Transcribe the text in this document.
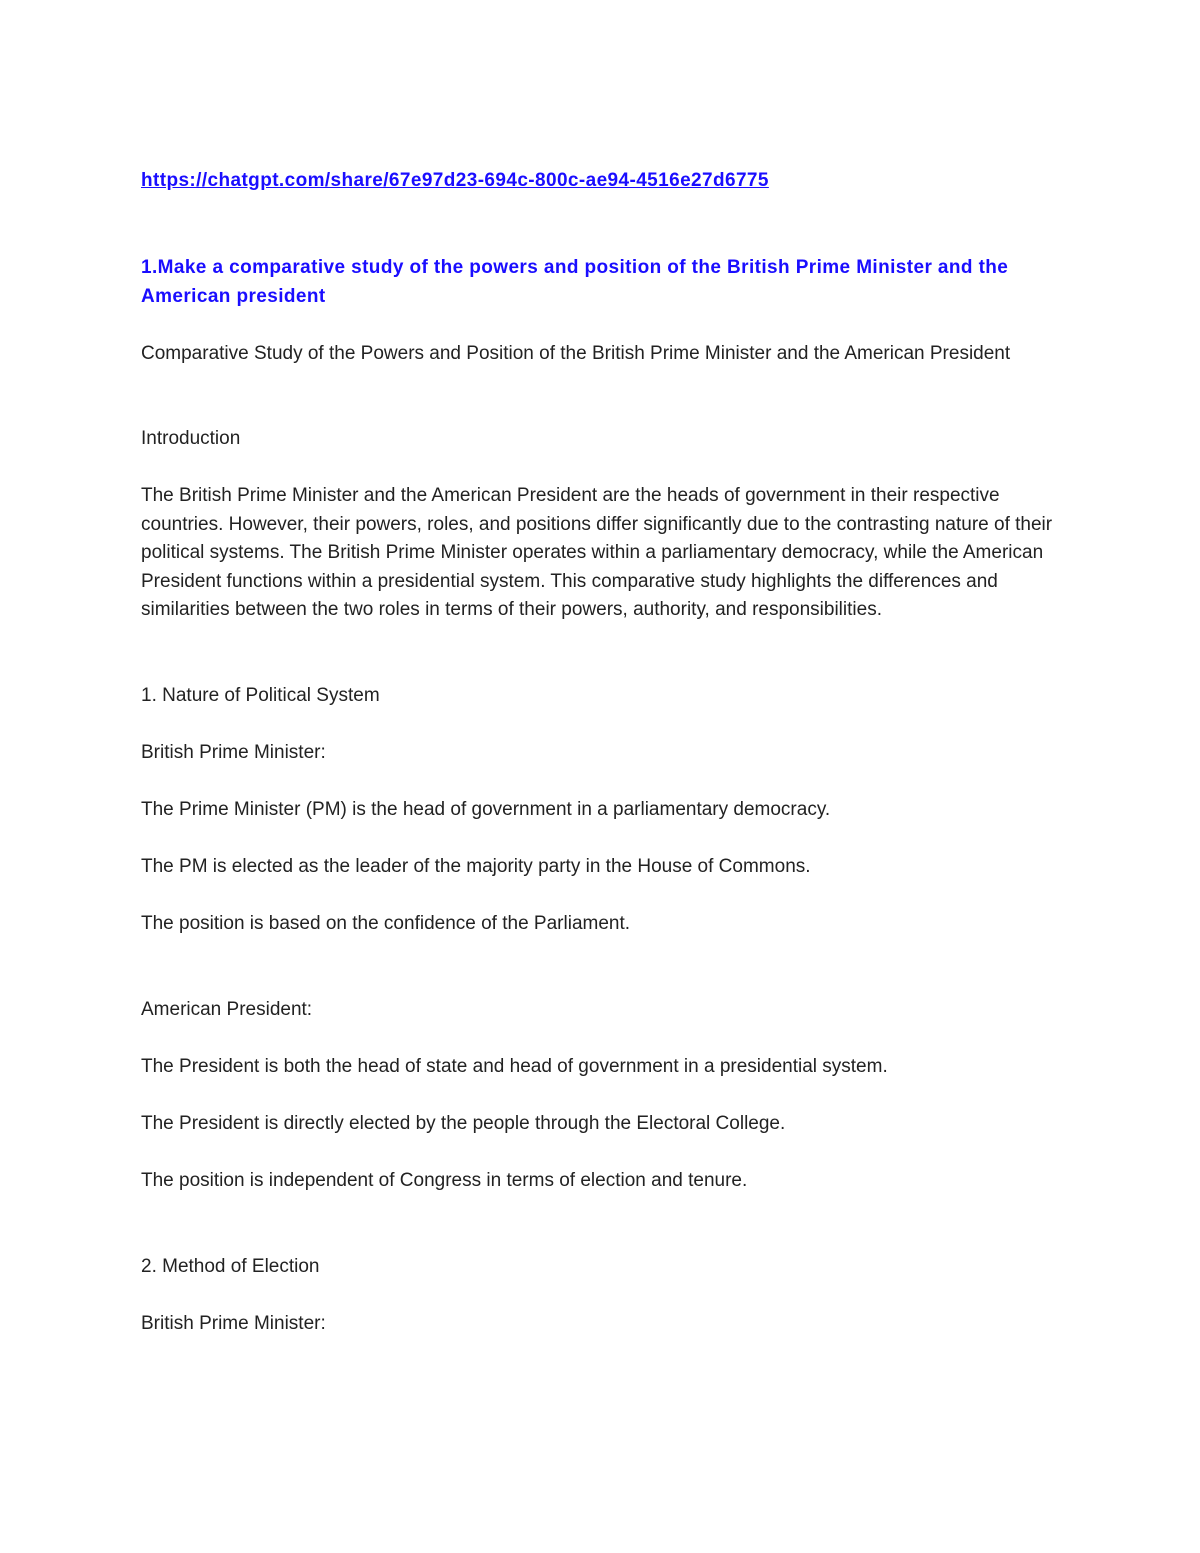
https://chatgpt.com/share/67e97d23-694c-800c-ae94-4516e27d6775

1.Make a comparative study of the powers and position of the British Prime Minister and the American president

Comparative Study of the Powers and Position of the British Prime Minister and the American President

Introduction

The British Prime Minister and the American President are the heads of government in their respective countries. However, their powers, roles, and positions differ significantly due to the contrasting nature of their political systems. The British Prime Minister operates within a parliamentary democracy, while the American President functions within a presidential system. This comparative study highlights the differences and similarities between the two roles in terms of their powers, authority, and responsibilities.

1. Nature of Political System

British Prime Minister:

The Prime Minister (PM) is the head of government in a parliamentary democracy.

The PM is elected as the leader of the majority party in the House of Commons.

The position is based on the confidence of the Parliament.

American President:

The President is both the head of state and head of government in a presidential system.

The President is directly elected by the people through the Electoral College.

The position is independent of Congress in terms of election and tenure.

2. Method of Election

British Prime Minister:
